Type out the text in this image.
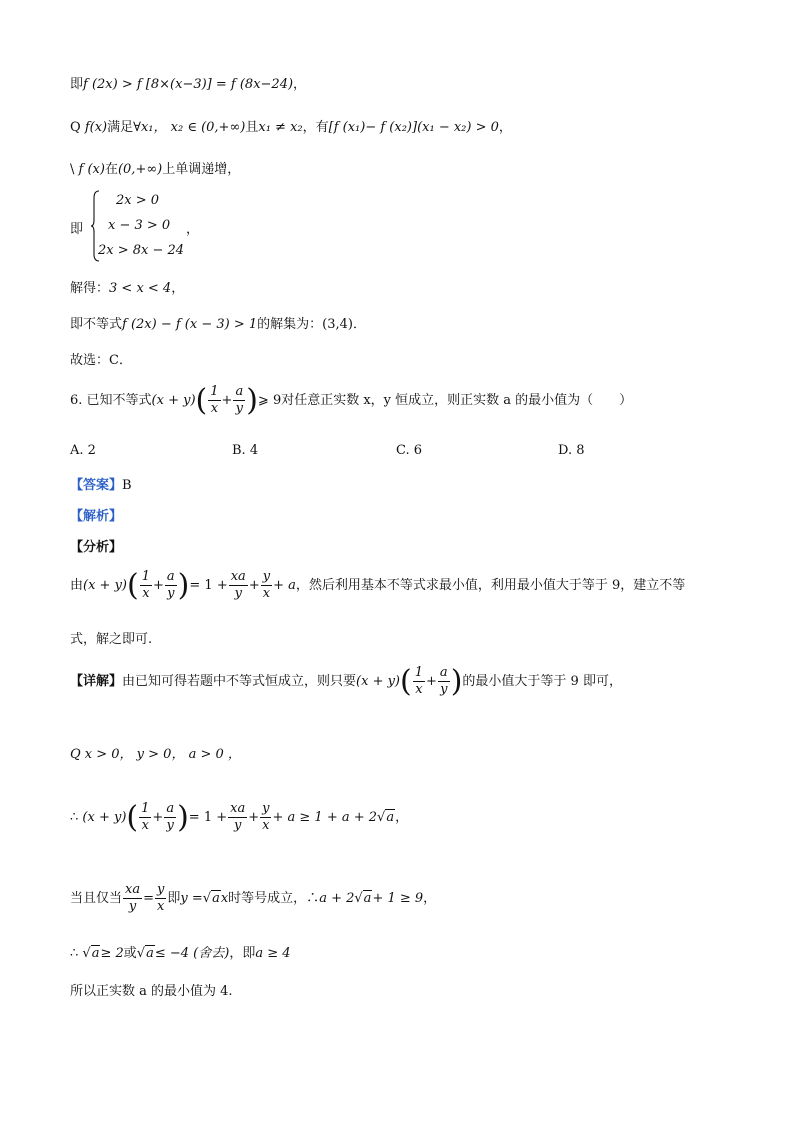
即f (2x) > f [8×(x−3)] = f (8x−24)，
Q f(x)满足∀x₁， x₂ ∈ (0,+∞)且x₁ ≠ x₂，有[f (x₁)− f (x₂)](x₁ − x₂) > 0，
\ f (x)在(0,+∞)上单调递增，
即
2x > 0
x − 3 > 0
2x > 8x − 24
，
解得：3 < x < 4，
即不等式f (2x) − f (x − 3) > 1的解集为：(3,4)．
故选：C．
6. 已知不等式$(x + y)( \frac{1}{x} + \frac{a}{y}$ )⩾ 9对任意正实数 x，y 恒成立，则正实数 a 的最小值为（　　）
A. 2	B. 4	C. 6	D. 8
【答案】B
【解析】
【分析】
由$(x + y)( \frac{1}{x} + \frac{a}{y}$ )= $1 + \frac{xa}{y} + \frac{y}{x} + a$，然后利用基本不等式求最小值，利用最小值大于等于 9，建立不等
式，解之即可.
【详解】由已知可得若题中不等式恒成立，则只要$(x + y)( \frac{1}{x} + \frac{a}{y}$ )的最小值大于等于 9 即可，
Q x > 0， y > 0， a > 0 ，
∴ $(x + y)( \frac{1}{x} + \frac{a}{y}$ )= $1 + \frac{xa}{y} + \frac{y}{x} + a \ge 1 + a + 2√a$，
当且仅当 $\frac{xa}{y} = \frac{y}{x}$ 即y =√ax时等号成立，∴a + 2√a+ 1 ≥ 9，
∴ √a≥ 2或√a≤ −4 (舍去)，即a ≥ 4
所以正实数 a 的最小值为 4.
